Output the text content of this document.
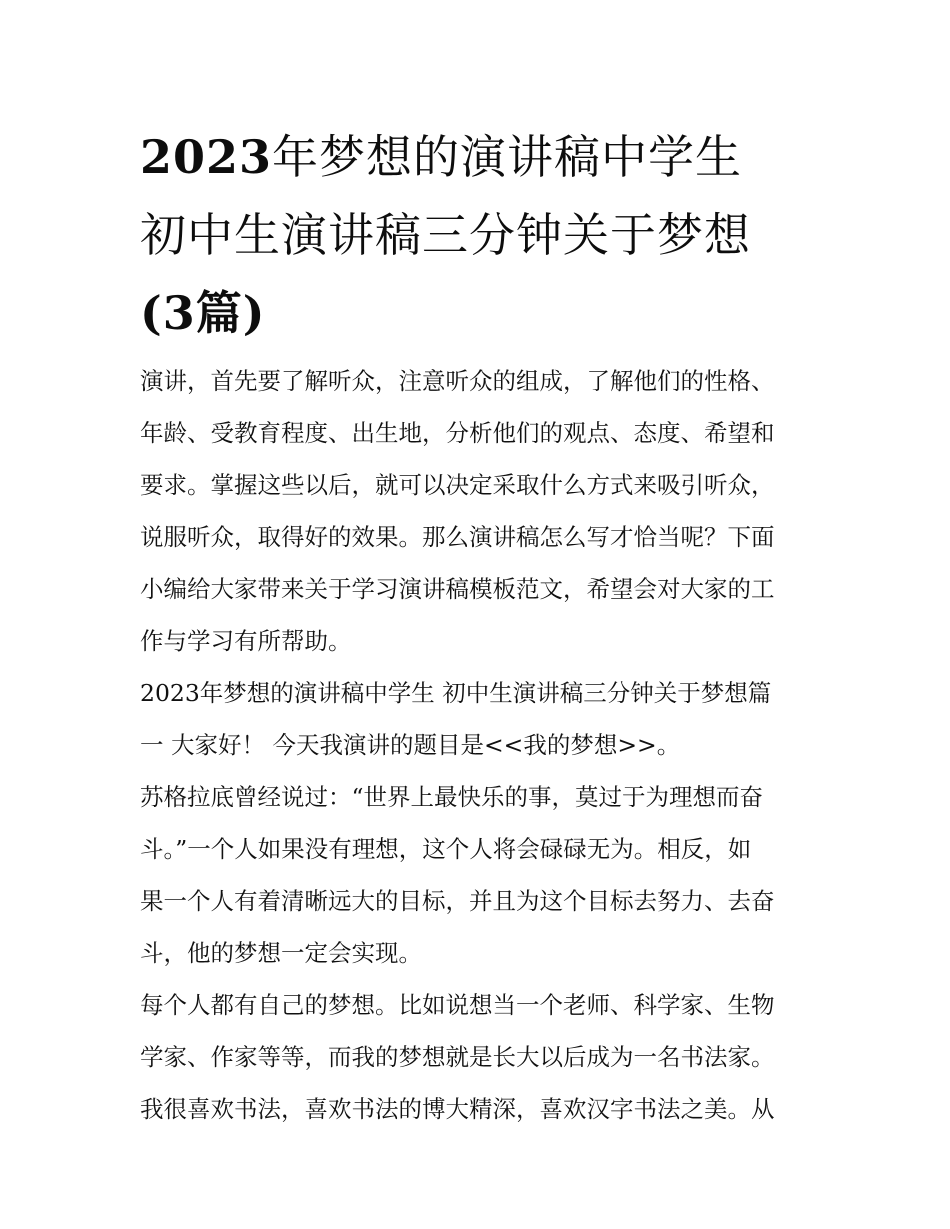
2023年梦想的演讲稿中学生
初中生演讲稿三分钟关于梦想
(3篇)

演讲，首先要了解听众，注意听众的组成，了解他们的性格、
年龄、受教育程度、出生地，分析他们的观点、态度、希望和
要求。掌握这些以后，就可以决定采取什么方式来吸引听众，
说服听众，取得好的效果。那么演讲稿怎么写才恰当呢？下面
小编给大家带来关于学习演讲稿模板范文，希望会对大家的工
作与学习有所帮助。

2023年梦想的演讲稿中学生 初中生演讲稿三分钟关于梦想篇
一 大家好！ 今天我演讲的题目是<<我的梦想>>。

苏格拉底曾经说过：“世界上最快乐的事，莫过于为理想而奋
斗。”一个人如果没有理想，这个人将会碌碌无为。相反，如
果一个人有着清晰远大的目标，并且为这个目标去努力、去奋
斗，他的梦想一定会实现。

每个人都有自己的梦想。比如说想当一个老师、科学家、生物
学家、作家等等，而我的梦想就是长大以后成为一名书法家。
我很喜欢书法，喜欢书法的博大精深，喜欢汉字书法之美。从
